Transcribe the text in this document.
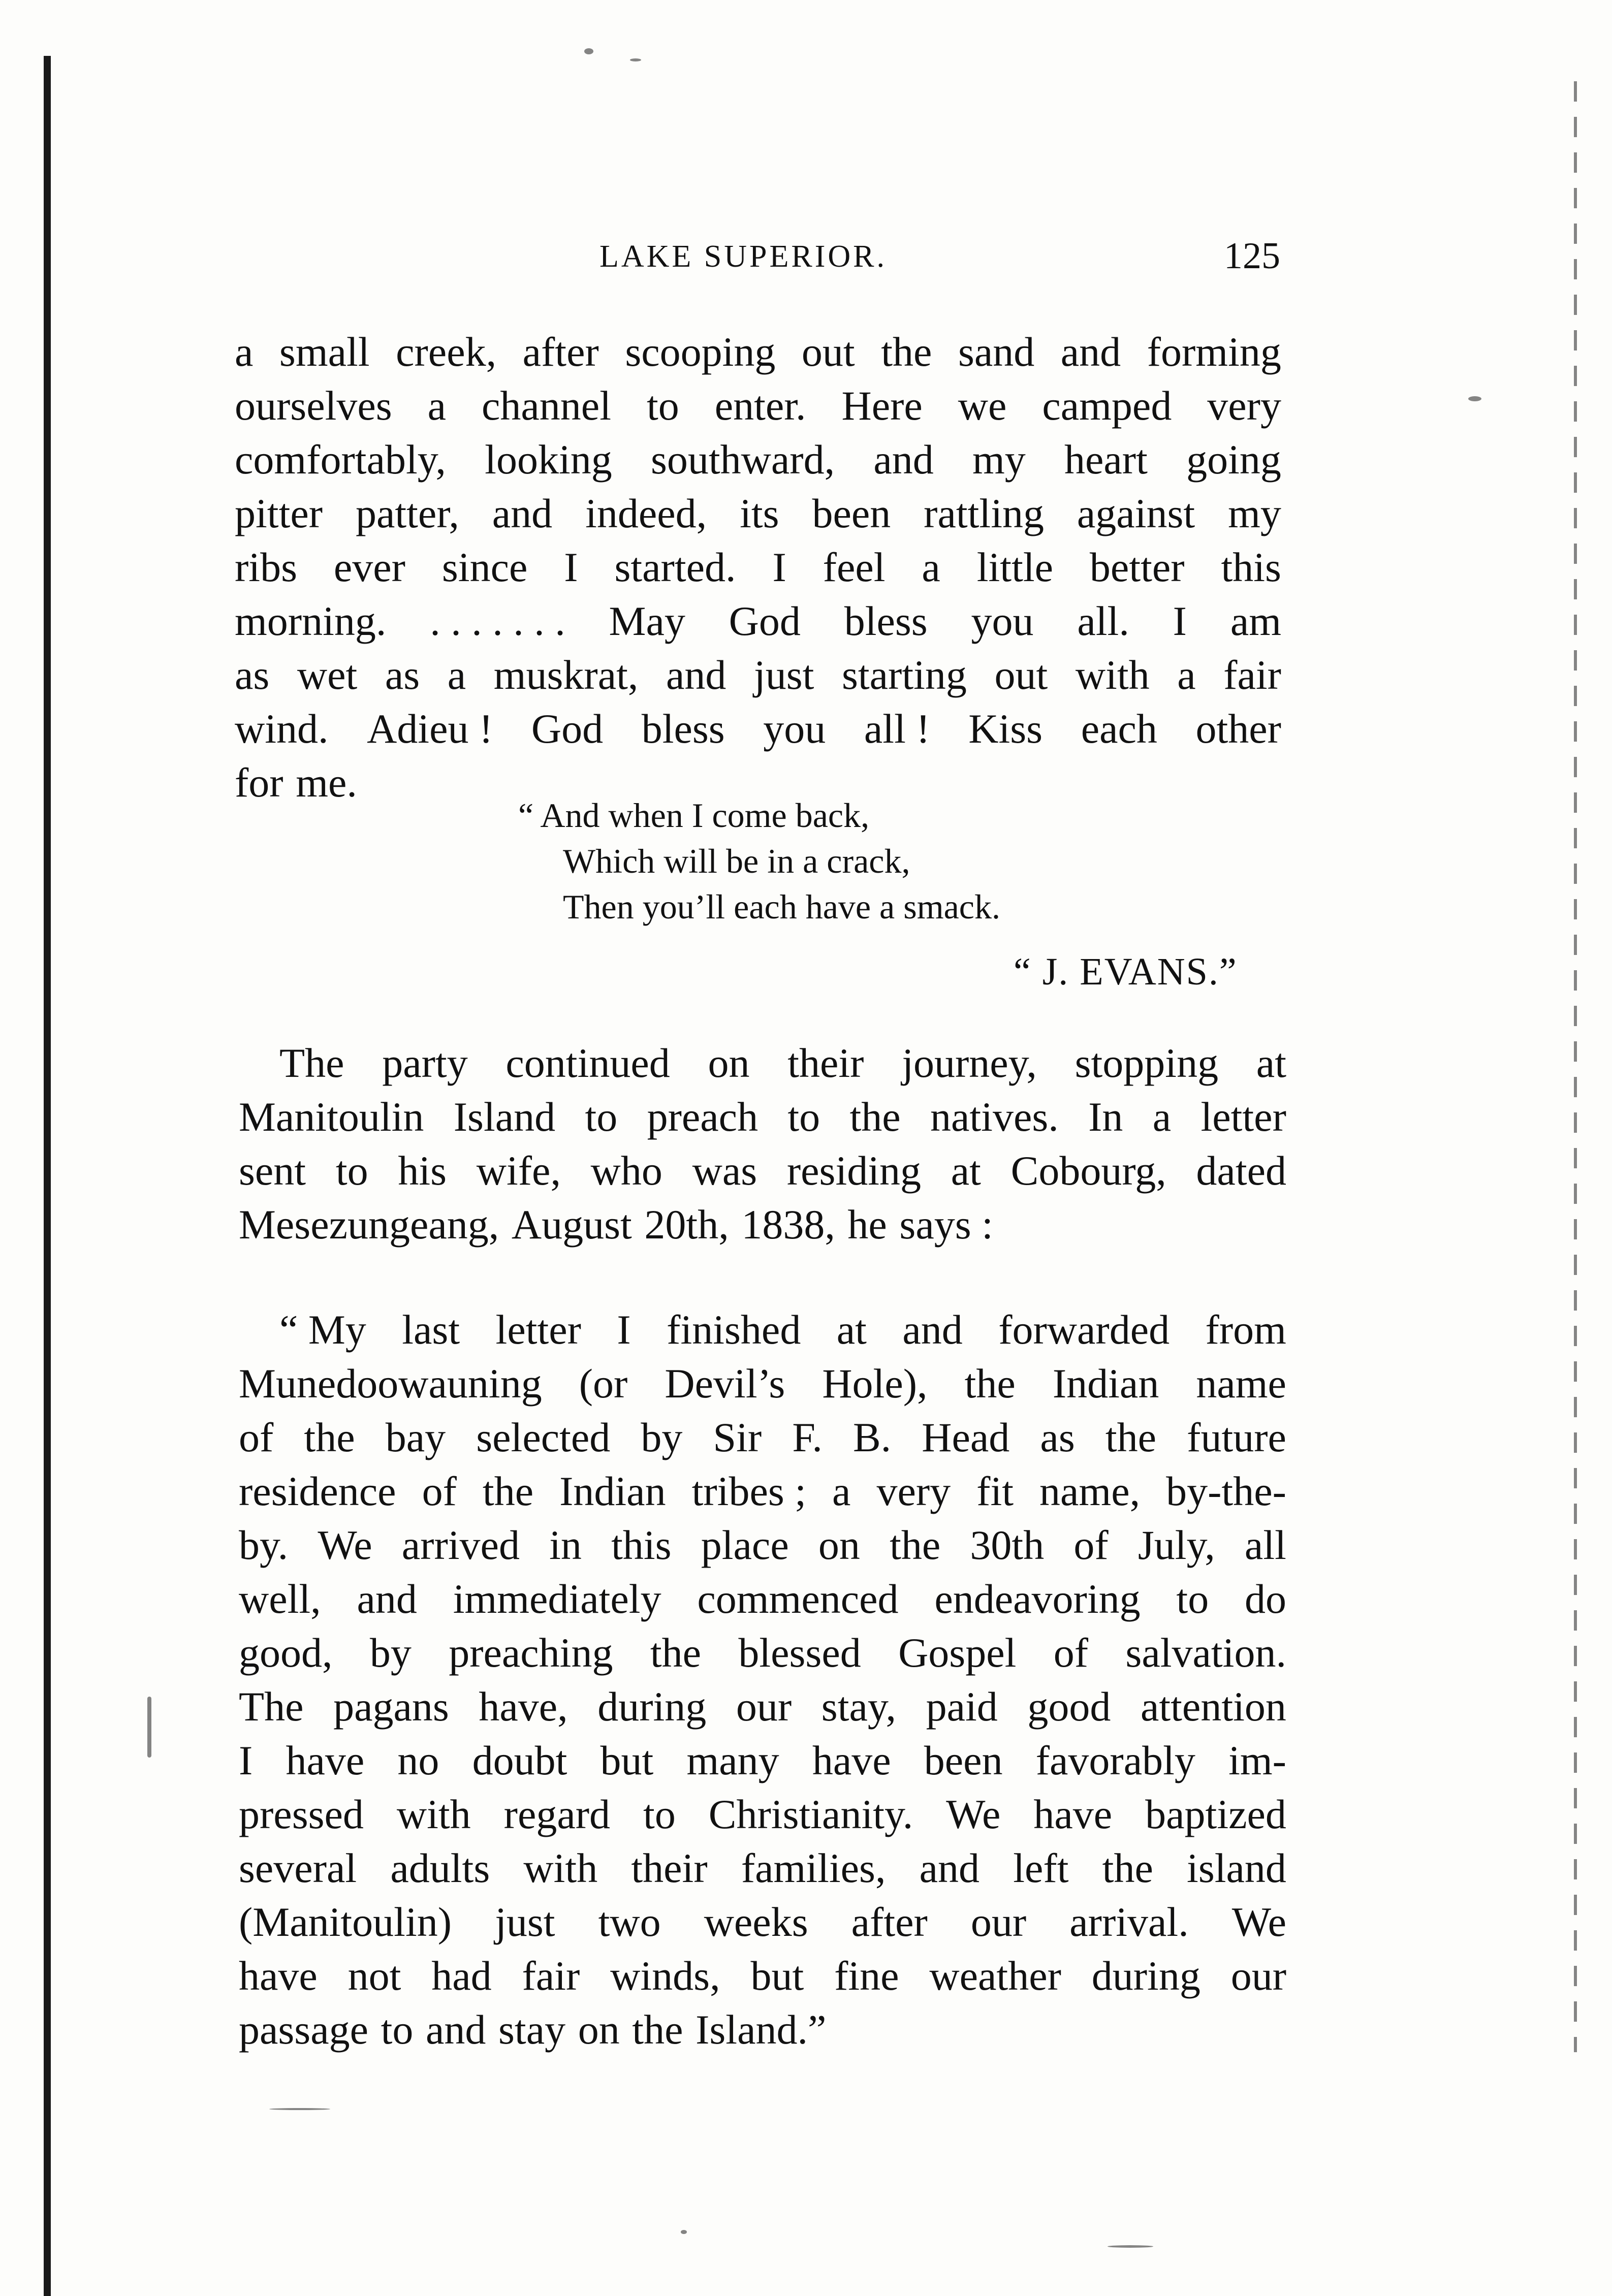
LAKE SUPERIOR.	125
a small creek, after scooping out the sand and forming
ourselves a channel to enter. Here we camped very
comfortably, looking southward, and my heart going
pitter patter, and indeed, its been rattling against my
ribs ever since I started. I feel a little better this
morning. . . . . . . . May God bless you all. I am
as wet as a muskrat, and just starting out with a fair
wind. Adieu ! God bless you all ! Kiss each other
for me.
“ And when I come back,
Which will be in a crack,
Then you’ll each have a smack.
“ J. EVANS.”
The party continued on their journey, stopping at
Manitoulin Island to preach to the natives. In a letter
sent to his wife, who was residing at Cobourg, dated
Mesezungeang, August 20th, 1838, he says :
“ My last letter I finished at and forwarded from
Munedoowauning (or Devil’s Hole), the Indian name
of the bay selected by Sir F. B. Head as the future
residence of the Indian tribes ; a very fit name, by-the-
by. We arrived in this place on the 30th of July, all
well, and immediately commenced endeavoring to do
good, by preaching the blessed Gospel of salvation.
The pagans have, during our stay, paid good attention
I have no doubt but many have been favorably im-
pressed with regard to Christianity. We have baptized
several adults with their families, and left the island
(Manitoulin) just two weeks after our arrival. We
have not had fair winds, but fine weather during our
passage to and stay on the Island.”
